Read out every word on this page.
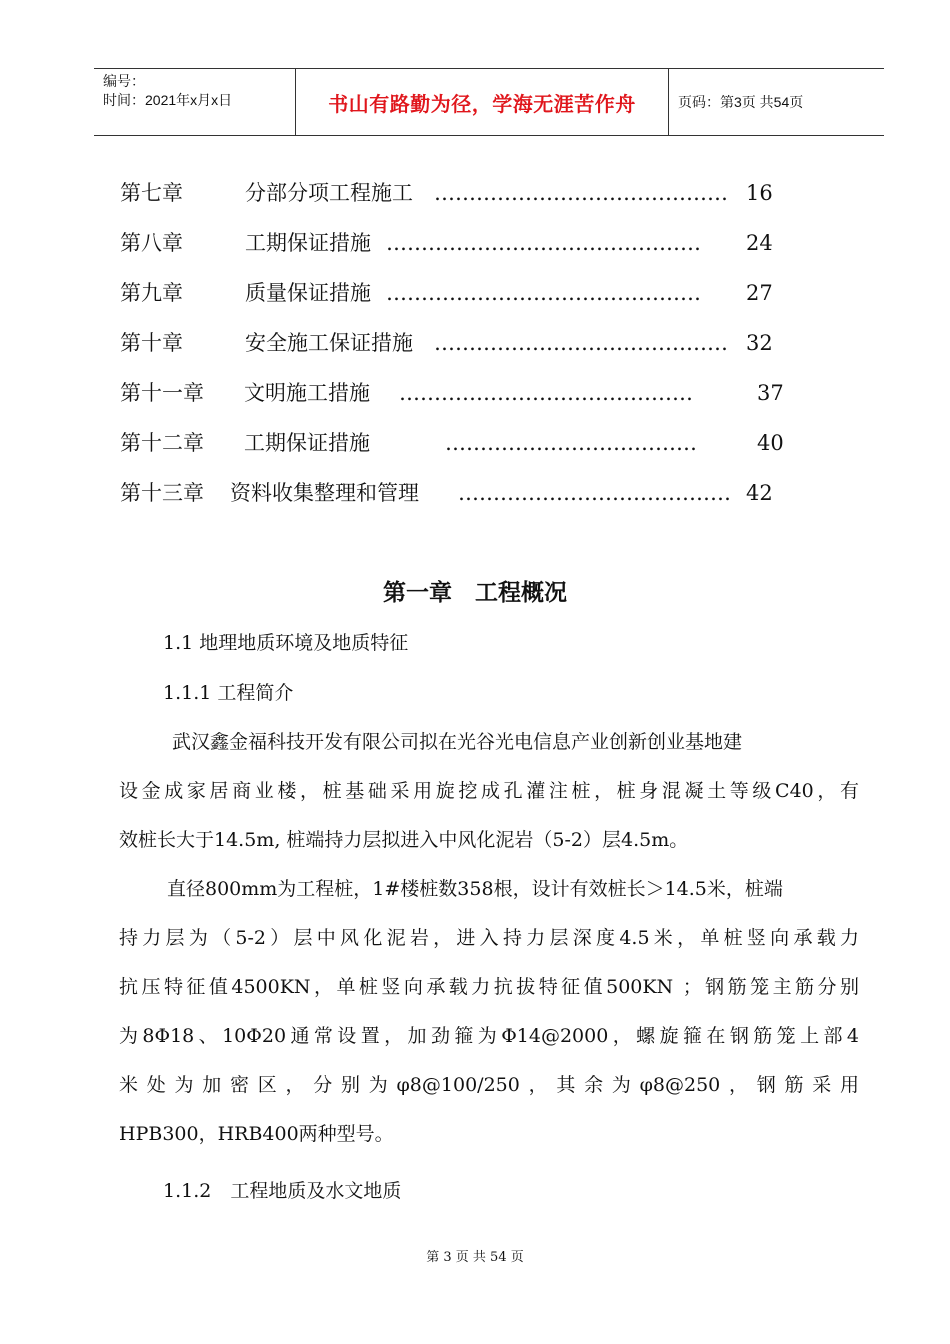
编号：
时间：2021年x月x日	书山有路勤为径，学海无涯苦作舟	页码：第3页 共54页
第七章	分部分项工程施工 …………………………………… 16
第八章	工期保证措施 ……………………………………… 24
第九章	质量保证措施 ……………………………………… 27
第十章	安全施工保证措施 …………………………………… 32
第十一章 文明施工措施 ……………………………………	37
第十二章 工期保证措施	………………………………	40
第十三章 资料收集整理和管理 ………………………………… 42
第一章　工程概况
1.1 地理地质环境及地质特征
1.1.1 工程简介
武汉鑫金福科技开发有限公司拟在光谷光电信息产业创新创业基地建
设金成家居商业楼，桩基础采用旋挖成孔灌注桩，桩身混凝土等级C40，有
效桩长大于14.5m, 桩端持力层拟进入中风化泥岩（5-2）层4.5m。
直径800mm为工程桩，1#楼桩数358根，设计有效桩长＞14.5米，桩端
持力层为（5-2）层中风化泥岩，进入持力层深度4.5米，单桩竖向承载力
抗压特征值4500KN，单桩竖向承载力抗拔特征值500KN ；钢筋笼主筋分别
为8Φ18、10Φ20通常设置，加劲箍为Φ14@2000，螺旋箍在钢筋笼上部4
米处为加密区，分别为φ8@100/250，其余为φ8@250，钢筋采用
HPB300，HRB400两种型号。
1.1.2　工程地质及水文地质
第 3 页 共 54 页
